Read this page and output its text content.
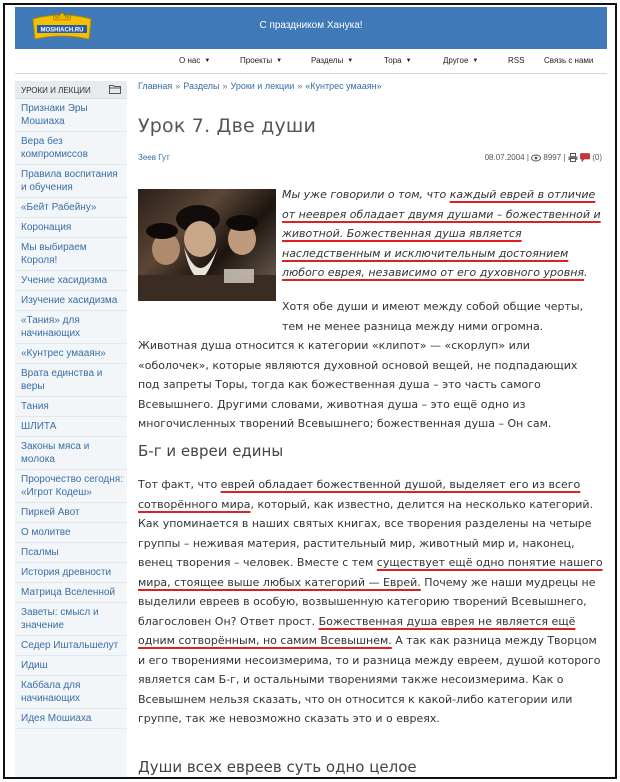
MOSHIACH.RU	С праздником Ханука!
О нас ▼	Проекты ▼	Разделы ▼	Тора ▼	Другое ▼	RSS Связь с нами
УРОКИ И ЛЕКЦИИ
Признаки Эры Мошиаха
Вера без компромиссов
Правила воспитания и обучения
«Бейт Рабейну»
Коронация
Мы выбираем Короля!
Учение хасидизма
Изучение хасидизма
«Тания» для начинающих
«Кунтрес умааян»
Врата единства и веры
Тания
ШЛИТА
Законы мяса и молока
Пророчество сегодня: «Игрот Кодеш»
Пиркей Авот
О молитве
Псалмы
История древности
Матрица Вселенной
Заветы: смысл и значение
Седер Иштальшелут
Идиш
Каббала для начинающих
Идея Мошиаха
Главная » Разделы » Уроки и лекции » «Кунтрес умааян»
Урок 7. Две души
Зеев Гут	08.07.2004 |  8997 |	(0)
Мы уже говорили о том, что каждый еврей в отличие от нееврея обладает двумя душами – божественной и животной. Божественная душа является наследственным и исключительным достоянием любого еврея, независимо от его духовного уровня.
Хотя обе души и имеют между собой общие черты, тем не менее разница между ними огромна.
Животная душа относится к категории «клипот» — «скорлуп» или «оболочек», которые являются духовной основой вещей, не подпадающих под запреты Торы, тогда как божественная душа – это часть самого Всевышнего. Другими словами, животная душа – это ещё одно из многочисленных творений Всевышнего; божественная душа – Он сам.
Б-г и евреи едины
Тот факт, что еврей обладает божественной душой, выделяет его из всего сотворённого мира, который, как известно, делится на несколько категорий. Как упоминается в наших святых книгах, все творения разделены на четыре группы – неживая материя, растительный мир, животный мир и, наконец, венец творения – человек. Вместе с тем существует ещё одно понятие нашего мира, стоящее выше любых категорий — Еврей. Почему же наши мудрецы не выделили евреев в особую, возвышенную категорию творений Всевышнего, благословен Он? Ответ прост. Божественная душа еврея не является ещё одним сотворённым, но самим Всевышнем. А так как разница между Творцом и его творениями несоизмерима, то и разница между евреем, душой которого является сам Б-г, и остальными творениями также несоизмерима. Как о Всевышнем нельзя сказать, что он относится к какой-либо категории или группе, так же невозможно сказать это и о евреях.
Души всех евреев суть одно целое
